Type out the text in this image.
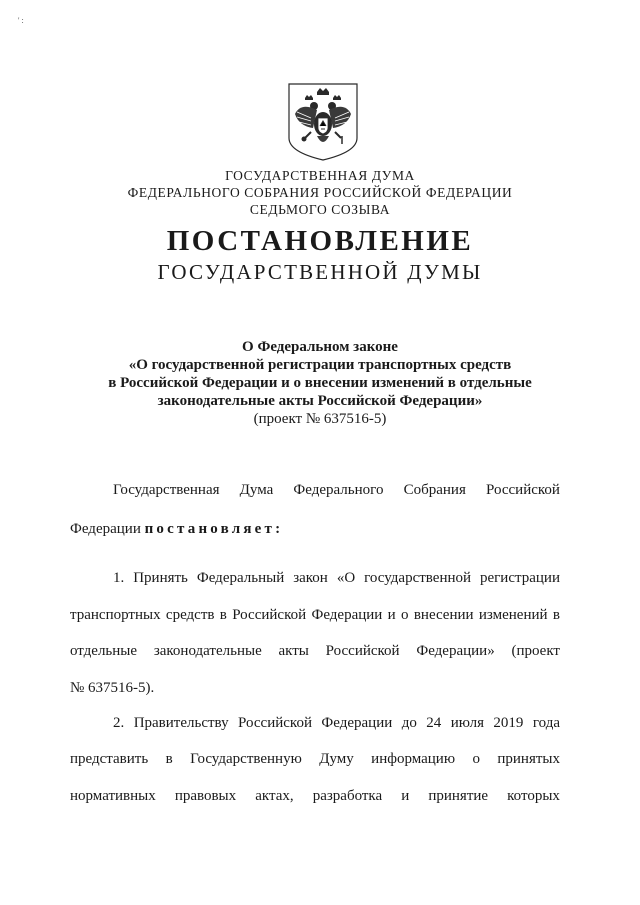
' :
ГОСУДАРСТВЕННАЯ ДУМА
ФЕДЕРАЛЬНОГО СОБРАНИЯ РОССИЙСКОЙ ФЕДЕРАЦИИ
СЕДЬМОГО СОЗЫВА
ПОСТАНОВЛЕНИЕ
ГОСУДАРСТВЕННОЙ ДУМЫ
О Федеральном законе
«О государственной регистрации транспортных средств
в Российской Федерации и о внесении изменений в отдельные
законодательные акты Российской Федерации»
(проект № 637516-5)
Государственная Дума Федерального Собрания Российской
Федерации постановляет:
1. Принять Федеральный закон «О государственной регистрации
транспортных средств в Российской Федерации и о внесении изменений в
отдельные законодательные акты Российской Федерации» (проект
№ 637516-5).
2. Правительству Российской Федерации до 24 июля 2019 года
представить в Государственную Думу информацию о принятых
нормативных правовых актах, разработка и принятие которых
